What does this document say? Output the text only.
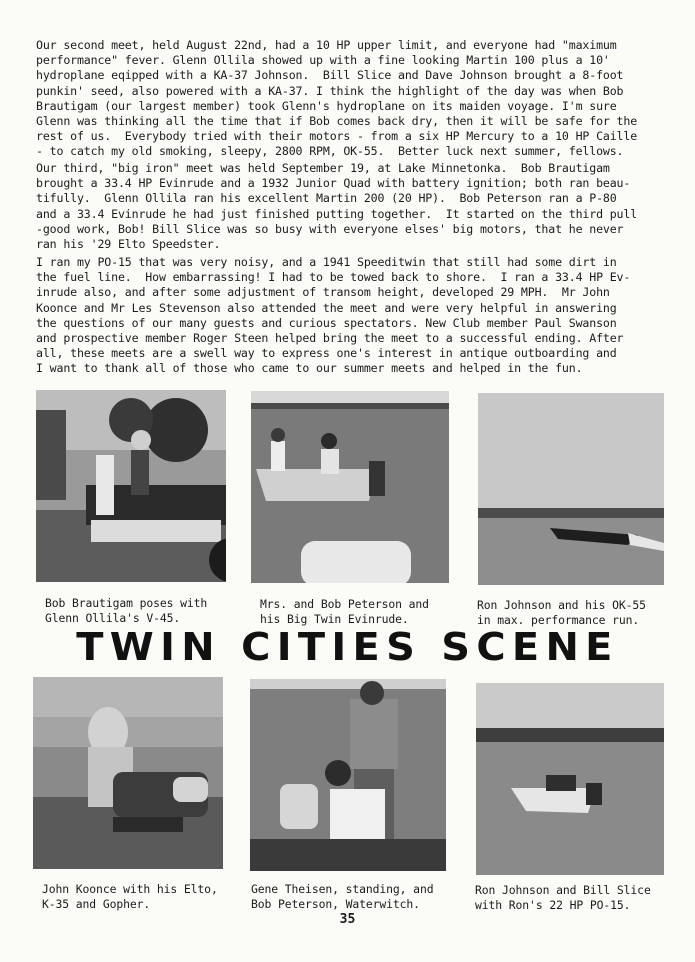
Our second meet, held August 22nd, had a 10 HP upper limit, and everyone had "maximum
performance" fever. Glenn Ollila showed up with a fine looking Martin 100 plus a 10'
hydroplane eqipped with a KA-37 Johnson.  Bill Slice and Dave Johnson brought a 8-foot
punkin' seed, also powered with a KA-37. I think the highlight of the day was when Bob
Brautigam (our largest member) took Glenn's hydroplane on its maiden voyage. I'm sure
Glenn was thinking all the time that if Bob comes back dry, then it will be safe for the
rest of us.  Everybody tried with their motors - from a six HP Mercury to a 10 HP Caille
- to catch my old smoking, sleepy, 2800 RPM, OK-55.  Better luck next summer, fellows.

Our third, "big iron" meet was held September 19, at Lake Minnetonka.  Bob Brautigam
brought a 33.4 HP Evinrude and a 1932 Junior Quad with battery ignition; both ran beau-
tifully.  Glenn Ollila ran his excellent Martin 200 (20 HP).  Bob Peterson ran a P-80
and a 33.4 Evinrude he had just finished putting together.  It started on the third pull
-good work, Bob! Bill Slice was so busy with everyone elses' big motors, that he never
ran his '29 Elto Speedster.

I ran my PO-15 that was very noisy, and a 1941 Speeditwin that still had some dirt in
the fuel line.  How embarrassing! I had to be towed back to shore.  I ran a 33.4 HP Ev-
inrude also, and after some adjustment of transom height, developed 29 MPH.  Mr John
Koonce and Mr Les Stevenson also attended the meet and were very helpful in answering
the questions of our many guests and curious spectators. New Club member Paul Swanson
and prospective member Roger Steen helped bring the meet to a successful ending. After
all, these meets are a swell way to express one's interest in antique outboarding and
I want to thank all of those who came to our summer meets and helped in the fun.

Bob Brautigam poses with
Glenn Ollila's V-45.

Mrs. and Bob Peterson and
his Big Twin Evinrude.

Ron Johnson and his OK-55
in max. performance run.

TWIN CITIES SCENE

John Koonce with his Elto,
K-35 and Gopher.

Gene Theisen, standing, and
Bob Peterson, Waterwitch.

Ron Johnson and Bill Slice
with Ron's 22 HP PO-15.

35
